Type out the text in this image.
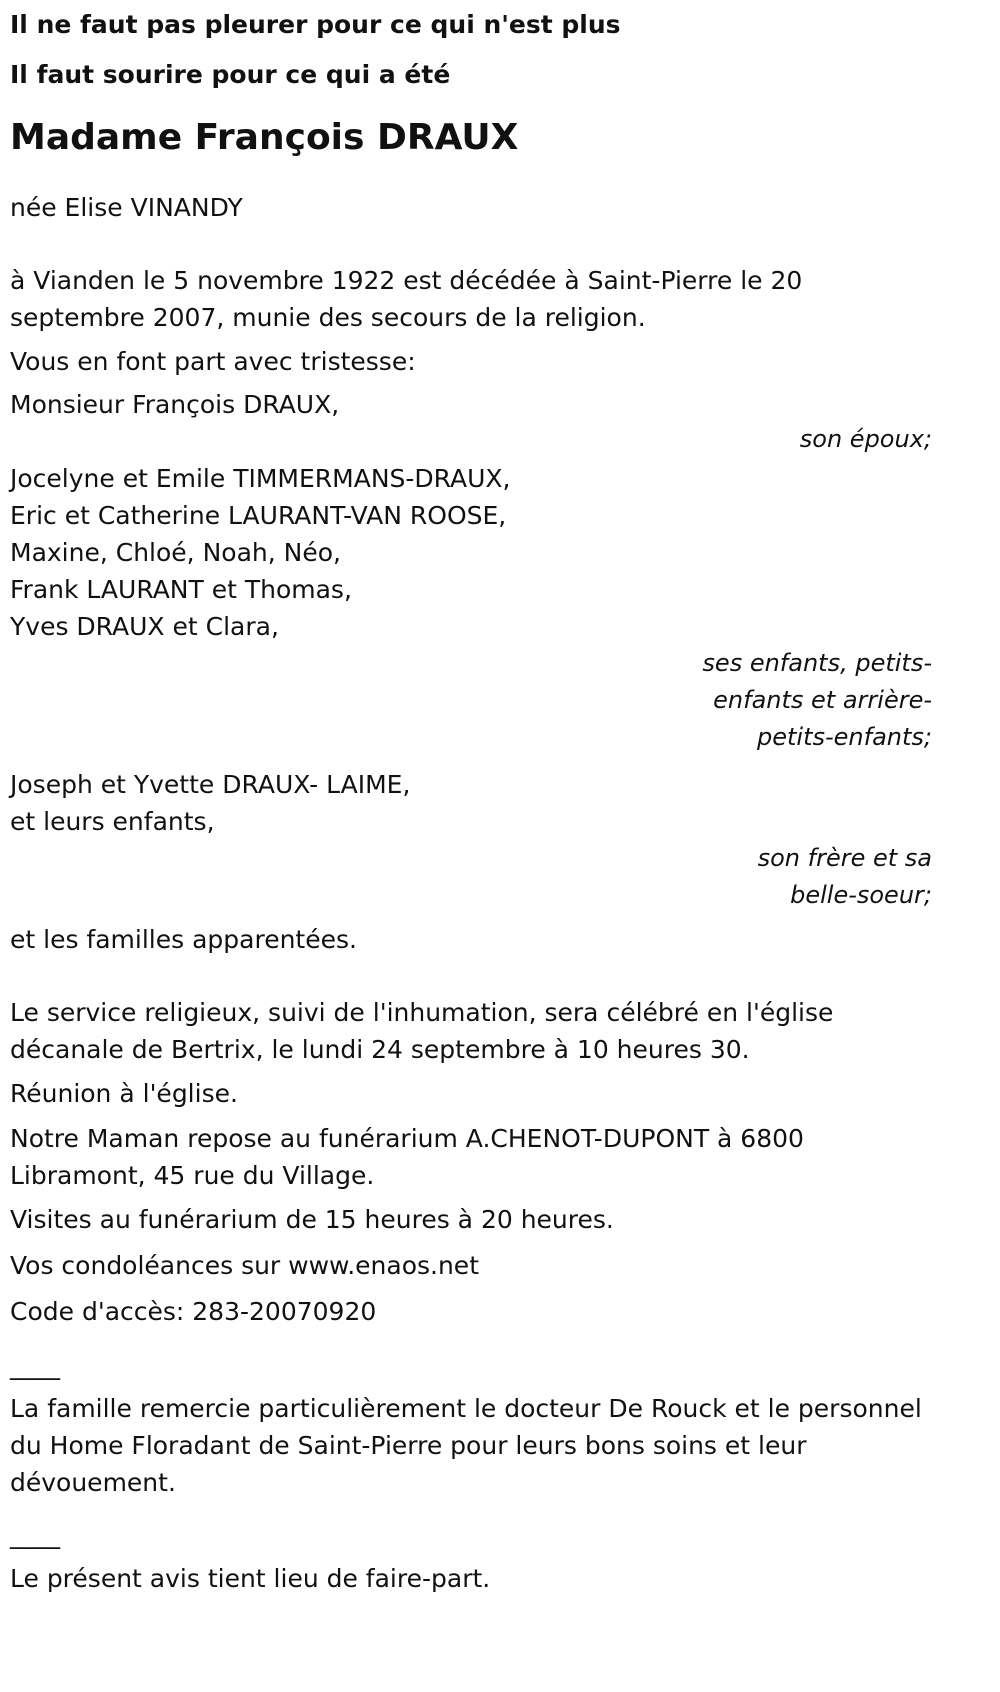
Il ne faut pas pleurer pour ce qui n'est plus
Il faut sourire pour ce qui a été
Madame François DRAUX
née Elise VINANDY
à Vianden le 5 novembre 1922 est décédée à Saint-Pierre le 20
septembre 2007, munie des secours de la religion.
Vous en font part avec tristesse:
Monsieur François DRAUX,
son époux;
Jocelyne et Emile TIMMERMANS-DRAUX,
Eric et Catherine LAURANT-VAN ROOSE,
Maxine, Chloé, Noah, Néo,
Frank LAURANT et Thomas,
Yves DRAUX et Clara,
ses enfants, petits-
enfants et arrière-
petits-enfants;
Joseph et Yvette DRAUX- LAIME,
et leurs enfants,
son frère et sa
belle-soeur;
et les familles apparentées.
Le service religieux, suivi de l'inhumation, sera célébré en l'église
décanale de Bertrix, le lundi 24 septembre à 10 heures 30.
Réunion à l'église.
Notre Maman repose au funérarium A.CHENOT-DUPONT à 6800
Libramont, 45 rue du Village.
Visites au funérarium de 15 heures à 20 heures.
Vos condoléances sur www.enaos.net
Code d'accès: 283-20070920
____
La famille remercie particulièrement le docteur De Rouck et le personnel
du Home Floradant de Saint-Pierre pour leurs bons soins et leur
dévouement.
____
Le présent avis tient lieu de faire-part.
